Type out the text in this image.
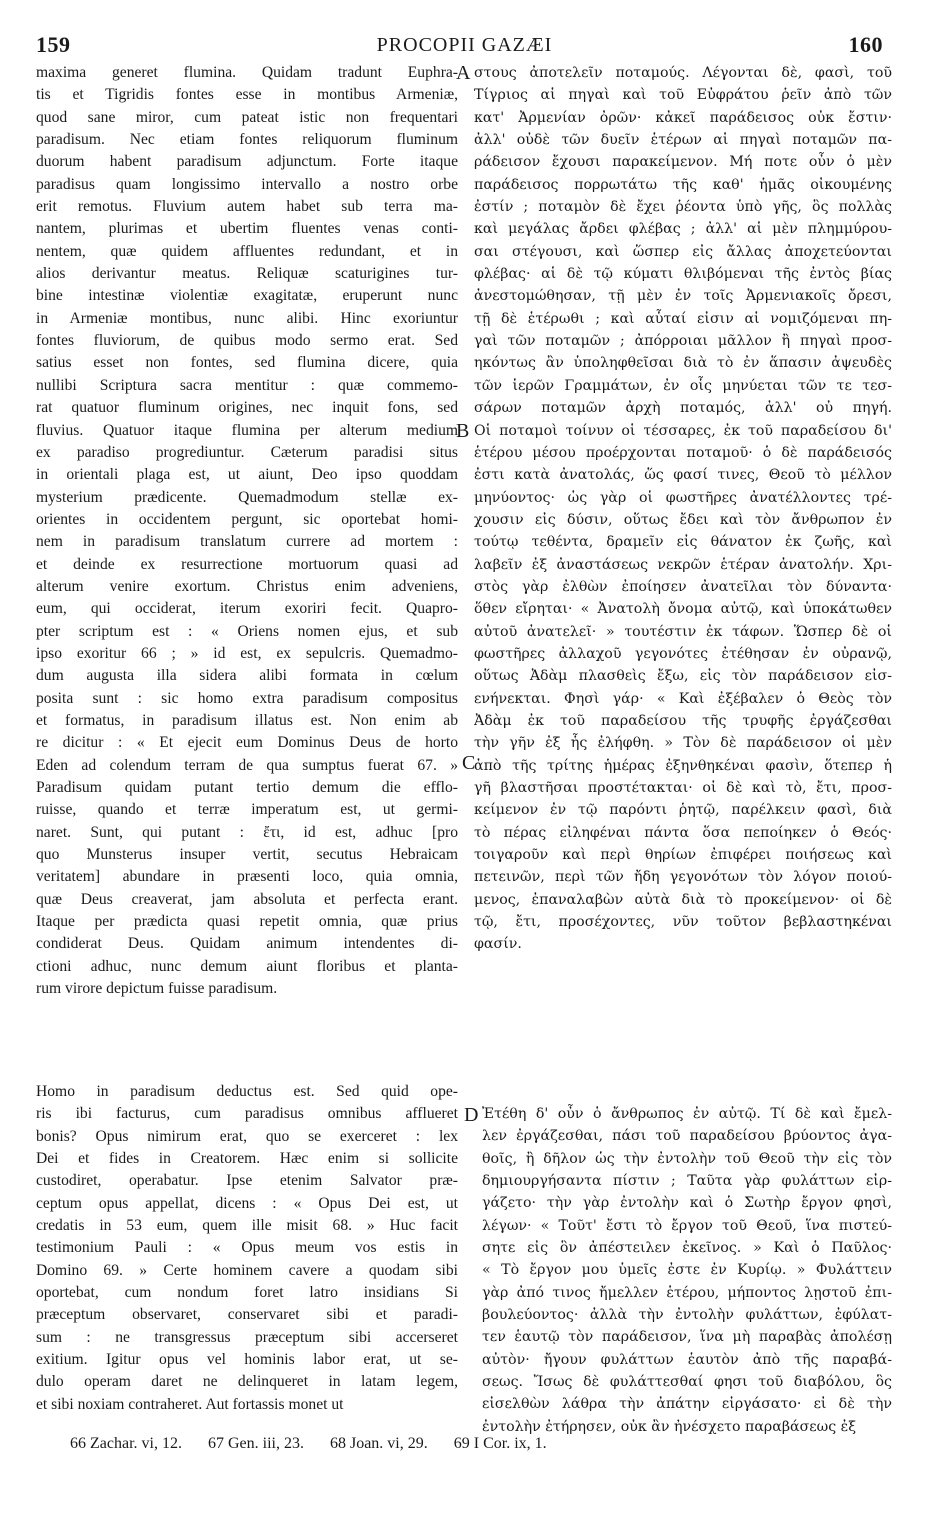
159	PROCOPII GAZÆI	160
maxima generet flumina. Quidam tradunt Euphra-
tis et Tigridis fontes esse in montibus Armeniæ,
quod sane miror, cum pateat istic non frequentari
paradisum. Nec etiam fontes reliquorum fluminum
duorum habent paradisum adjunctum. Forte itaque
paradisus quam longissimo intervallo a nostro orbe
erit remotus. Fluvium autem habet sub terra ma-
nantem, plurimas et ubertim fluentes venas conti-
nentem, quæ quidem affluentes redundant, et in
alios derivantur meatus. Reliquæ scaturigines tur-
bine intestinæ violentiæ exagitatæ, eruperunt nunc
in Armeniæ montibus, nunc alibi. Hinc exoriuntur
fontes fluviorum, de quibus modo sermo erat. Sed
satius esset non fontes, sed flumina dicere, quia
nullibi Scriptura sacra mentitur : quæ commemo-
rat quatuor fluminum origines, nec inquit fons, sed
fluvius. Quatuor itaque flumina per alterum medium
ex paradiso progrediuntur. Cæterum paradisi situs
in orientali plaga est, ut aiunt, Deo ipso quoddam
mysterium prædicente. Quemadmodum stellæ ex-
orientes in occidentem pergunt, sic oportebat homi-
nem in paradisum translatum currere ad mortem :
et deinde ex resurrectione mortuorum quasi ad
alterum venire exortum. Christus enim adveniens,
eum, qui occiderat, iterum exoriri fecit. Quapro-
pter scriptum est : « Oriens nomen ejus, et sub
ipso exoritur 66 ; » id est, ex sepulcris. Quemadmo-
dum augusta illa sidera alibi formata in cœlum
posita sunt : sic homo extra paradisum compositus
et formatus, in paradisum illatus est. Non enim ab
re dicitur : « Et ejecit eum Dominus Deus de horto
Eden ad colendum terram de qua sumptus fuerat 67. »
Paradisum quidam putant tertio demum die efflo-
ruisse, quando et terræ imperatum est, ut germi-
naret. Sunt, qui putant : ἔτι, id est, adhuc [pro
quo Munsterus insuper vertit, secutus Hebraicam
veritatem] abundare in præsenti loco, quia omnia,
quæ Deus creaverat, jam absoluta et perfecta erant.
Itaque per prædicta quasi repetit omnia, quæ prius
condiderat Deus. Quidam animum intendentes di-
ctioni adhuc, nunc demum aiunt floribus et planta-
rum virore depictum fuisse paradisum.
στους ἀποτελεῖν ποταμούς. Λέγονται δὲ, φασὶ, τοῦ
Τίγριος αἱ πηγαὶ καὶ τοῦ Εὐφράτου ῥεῖν ἀπὸ τῶν
κατ' Ἀρμενίαν ὀρῶν· κἀκεῖ παράδεισος οὐκ ἔστιν·
ἀλλ' οὐδὲ τῶν δυεῖν ἑτέρων αἱ πηγαὶ ποταμῶν πα-
ράδεισον ἔχουσι παρακείμενον. Μή ποτε οὖν ὁ μὲν
παράδεισος πορρωτάτω τῆς καθ' ἡμᾶς οἰκουμένης
ἐστίν ; ποταμὸν δὲ ἔχει ῥέοντα ὑπὸ γῆς, ὃς πολλὰς
καὶ μεγάλας ἄρδει φλέβας ; ἀλλ' αἱ μὲν πλημμύρου-
σαι στέγουσι, καὶ ὥσπερ εἰς ἄλλας ἀποχετεύονται
φλέβας· αἱ δὲ τῷ κύματι θλιβόμεναι τῆς ἐντὸς βίας
ἀνεστομώθησαν, τῇ μὲν ἐν τοῖς Ἀρμενιακοῖς ὄρεσι,
τῇ δὲ ἑτέρωθι ; καὶ αὗταί εἰσιν αἱ νομιζόμεναι πη-
γαὶ τῶν ποταμῶν ; ἀπόρροιαι μᾶλλον ἢ πηγαὶ προσ-
ηκόντως ἂν ὑποληφθεῖσαι διὰ τὸ ἐν ἅπασιν ἀψευδὲς
τῶν ἱερῶν Γραμμάτων, ἐν οἷς μηνύεται τῶν τε τεσ-
σάρων ποταμῶν ἀρχὴ ποταμός, ἀλλ' οὐ πηγή.
Οἱ ποταμοὶ τοίνυν οἱ τέσσαρες, ἐκ τοῦ παραδείσου δι'
ἑτέρου μέσου προέρχονται ποταμοῦ· ὁ δὲ παράδεισός
ἐστι κατὰ ἀνατολάς, ὥς φασί τινες, Θεοῦ τὸ μέλλον
μηνύοντος· ὡς γὰρ οἱ φωστῆρες ἀνατέλλοντες τρέ-
χουσιν εἰς δύσιν, οὕτως ἔδει καὶ τὸν ἄνθρωπον ἐν
τούτῳ τεθέντα, δραμεῖν εἰς θάνατον ἐκ ζωῆς, καὶ
λαβεῖν ἐξ ἀναστάσεως νεκρῶν ἑτέραν ἀνατολήν. Χρι-
στὸς γὰρ ἐλθὼν ἐποίησεν ἀνατεῖλαι τὸν δύναντα·
ὅθεν εἴρηται· « Ἀνατολὴ ὄνομα αὐτῷ, καὶ ὑποκάτωθεν
αὐτοῦ ἀνατελεῖ· » τουτέστιν ἐκ τάφων. Ὥσπερ δὲ οἱ
φωστῆρες ἀλλαχοῦ γεγονότες ἐτέθησαν ἐν οὐρανῷ,
οὕτως Ἀδὰμ πλασθεὶς ἔξω, εἰς τὸν παράδεισον εἰσ-
ενήνεκται. Φησὶ γάρ· « Καὶ ἐξέβαλεν ὁ Θεὸς τὸν
Ἀδὰμ ἐκ τοῦ παραδείσου τῆς τρυφῆς ἐργάζεσθαι
τὴν γῆν ἐξ ἧς ἐλήφθη. » Τὸν δὲ παράδεισον οἱ μὲν
ἀπὸ τῆς τρίτης ἡμέρας ἐξηνθηκέναι φασὶν, ὅτεπερ ἡ
γῆ βλαστῆσαι προστέτακται· οἱ δὲ καὶ τὸ, ἔτι, προσ-
κείμενον ἐν τῷ παρόντι ῥητῷ, παρέλκειν φασὶ, διὰ
τὸ πέρας εἰληφέναι πάντα ὅσα πεποίηκεν ὁ Θεός·
τοιγαροῦν καὶ περὶ θηρίων ἐπιφέρει ποιήσεως καὶ
πετεινῶν, περὶ τῶν ἤδη γεγονότων τὸν λόγον ποιού-
μενος, ἐπαναλαβὼν αὐτὰ διὰ τὸ προκείμενον· οἱ δὲ
τῷ, ἔτι, προσέχοντες, νῦν τοῦτον βεβλαστηκέναι
φασίν.
Homo in paradisum deductus est. Sed quid ope-
ris ibi facturus, cum paradisus omnibus afflueret
bonis? Opus nimirum erat, quo se exerceret : lex
Dei et fides in Creatorem. Hæc enim si sollicite
custodiret, operabatur. Ipse etenim Salvator præ-
ceptum opus appellat, dicens : « Opus Dei est, ut
credatis in 53 eum, quem ille misit 68. » Huc facit
testimonium Pauli : « Opus meum vos estis in
Domino 69. » Certe hominem cavere a quodam sibi
oportebat, cum nondum foret latro insidians Si
præceptum observaret, conservaret sibi et paradi-
sum : ne transgressus præceptum sibi accerseret
exitium. Igitur opus vel hominis labor erat, ut se-
dulo operam daret ne delinqueret in latam legem,
et sibi noxiam contraheret. Aut fortassis monet ut
Ἐτέθη δ' οὖν ὁ ἄνθρωπος ἐν αὐτῷ. Τί δὲ καὶ ἔμελ-
λεν ἐργάζεσθαι, πάσι τοῦ παραδείσου βρύοντος ἀγα-
θοῖς, ἢ δῆλον ὡς τὴν ἐντολὴν τοῦ Θεοῦ τὴν εἰς τὸν
δημιουργήσαντα πίστιν ; Ταῦτα γὰρ φυλάττων εἰρ-
γάζετο· τὴν γὰρ ἐντολὴν καὶ ὁ Σωτὴρ ἔργον φησὶ,
λέγων· « Τοῦτ' ἔστι τὸ ἔργον τοῦ Θεοῦ, ἵνα πιστεύ-
σητε εἰς ὃν ἀπέστειλεν ἐκεῖνος. » Καὶ ὁ Παῦλος·
« Τὸ ἔργον μου ὑμεῖς ἐστε ἐν Κυρίῳ. » Φυλάττειν
γὰρ ἀπό τινος ἤμελλεν ἑτέρου, μήποντος λῃστοῦ ἐπι-
βουλεύοντος· ἀλλὰ τὴν ἐντολὴν φυλάττων, ἐφύλατ-
τεν ἑαυτῷ τὸν παράδεισον, ἵνα μὴ παραβὰς ἀπολέσῃ
αὐτὸν· ἤγουν φυλάττων ἑαυτὸν ἀπὸ τῆς παραβά-
σεως. Ἴσως δὲ φυλάττεσθαί φησι τοῦ διαβόλου, ὃς
εἰσελθὼν λάθρα τὴν ἀπάτην εἰργάσατο· εἰ δὲ τὴν
ἐντολὴν ἐτήρησεν, οὐκ ἂν ἠνέσχετο παραβάσεως ἐξ
A
B
C
D
66 Zachar. vi, 12. 67 Gen. iii, 23. 68 Joan. vi, 29. 69 I Cor. ix, 1.
